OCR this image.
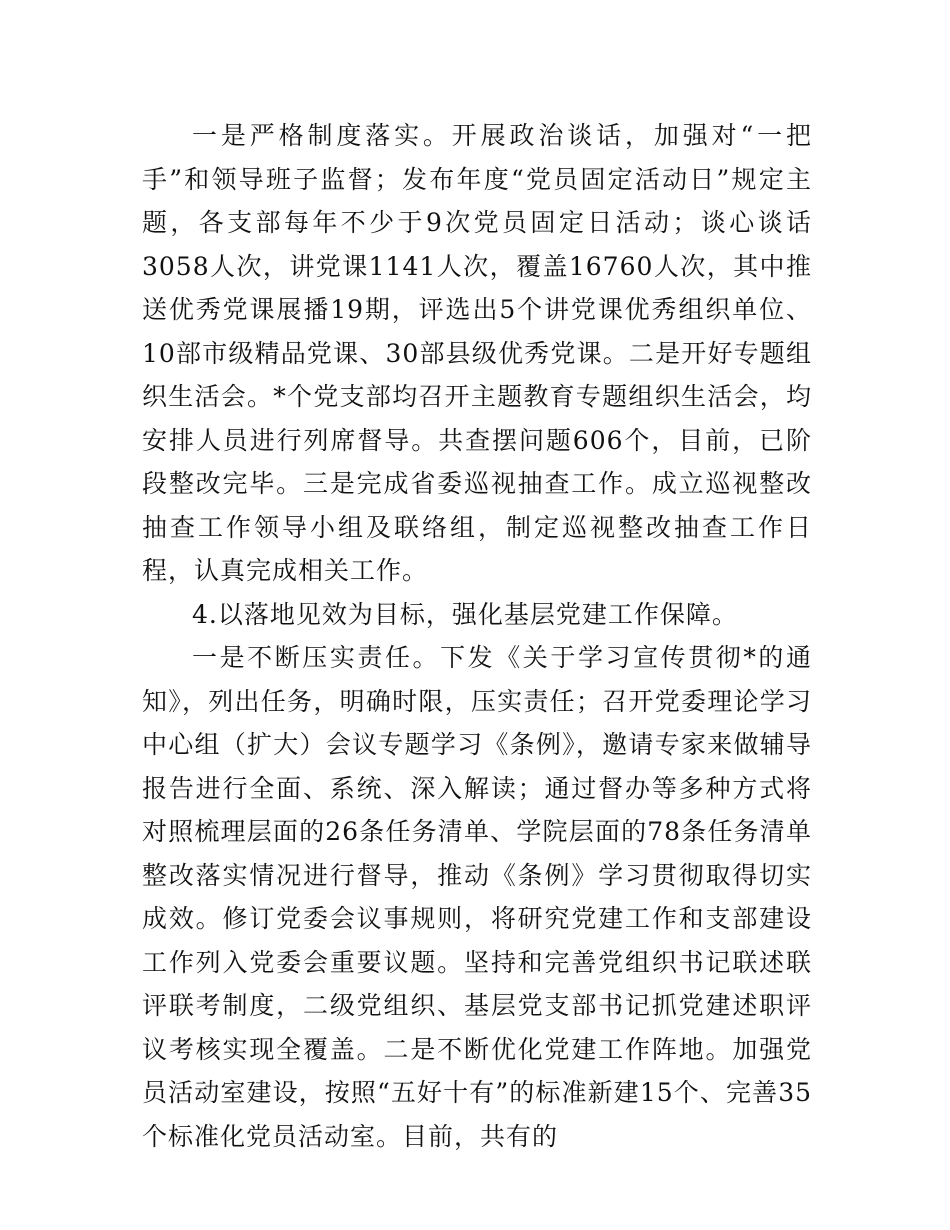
一是严格制度落实。开展政治谈话，加强对“一把手”和领导班子监督；发布年度“党员固定活动日”规定主题，各支部每年不少于9次党员固定日活动；谈心谈话3058人次，讲党课1141人次，覆盖16760人次，其中推送优秀党课展播19期，评选出5个讲党课优秀组织单位、10部市级精品党课、30部县级优秀党课。二是开好专题组织生活会。*个党支部均召开主题教育专题组织生活会，均安排人员进行列席督导。共查摆问题606个，目前，已阶段整改完毕。三是完成省委巡视抽查工作。成立巡视整改抽查工作领导小组及联络组，制定巡视整改抽查工作日程，认真完成相关工作。

4.以落地见效为目标，强化基层党建工作保障。

一是不断压实责任。下发《关于学习宣传贯彻*的通知》，列出任务，明确时限，压实责任；召开党委理论学习中心组（扩大）会议专题学习《条例》，邀请专家来做辅导报告进行全面、系统、深入解读；通过督办等多种方式将对照梳理层面的26条任务清单、学院层面的78条任务清单整改落实情况进行督导，推动《条例》学习贯彻取得切实成效。修订党委会议事规则，将研究党建工作和支部建设工作列入党委会重要议题。坚持和完善党组织书记联述联评联考制度，二级党组织、基层党支部书记抓党建述职评议考核实现全覆盖。二是不断优化党建工作阵地。加强党员活动室建设，按照“五好十有”的标准新建15个、完善35个标准化党员活动室。目前，共有的
